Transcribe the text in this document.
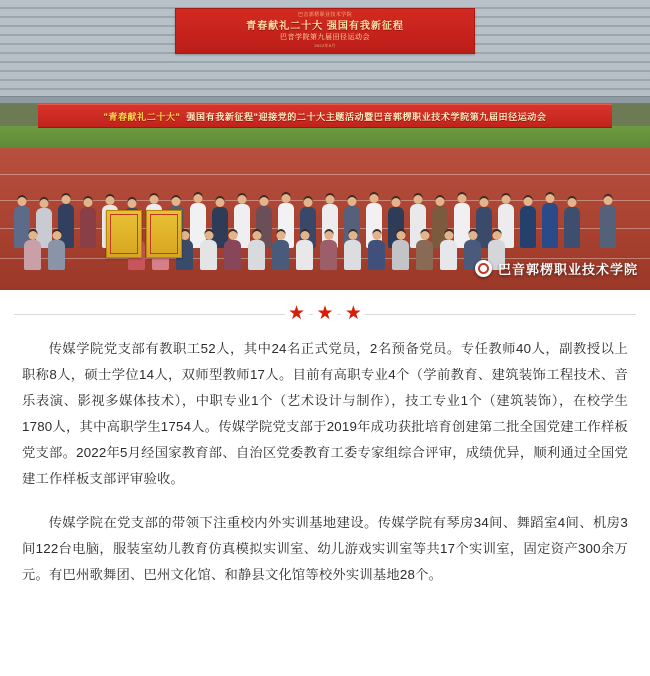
巴音郭楞职业技术学院
青春献礼二十大 强国有我新征程
巴音学院第九届田径运动会
2022年5月
"青春献礼二十大" 强国有我新征程"迎接党的二十大主题活动暨巴音郭楞职业技术学院第九届田径运动会
巴音郭楞职业技术学院
★ ★ ★

传媒学院党支部有教职工52人，其中24名正式党员，2名预备党员。专任教师40人，副教授以上职称8人，硕士学位14人，双师型教师17人。目前有高职专业4个（学前教育、建筑装饰工程技术、音乐表演、影视多媒体技术），中职专业1个（艺术设计与制作），技工专业1个（建筑装饰），在校学生1780人，其中高职学生1754人。传媒学院党支部于2019年成功获批培育创建第二批全国党建工作样板党支部。2022年5月经国家教育部、自治区党委教育工委专家组综合评审，成绩优异，顺利通过全国党建工作样板支部评审验收。

传媒学院在党支部的带领下注重校内外实训基地建设。传媒学院有琴房34间、舞蹈室4间、机房3间122台电脑，服装室幼儿教育仿真模拟实训室、幼儿游戏实训室等共17个实训室，固定资产300余万元。有巴州歌舞团、巴州文化馆、和静县文化馆等校外实训基地28个。
